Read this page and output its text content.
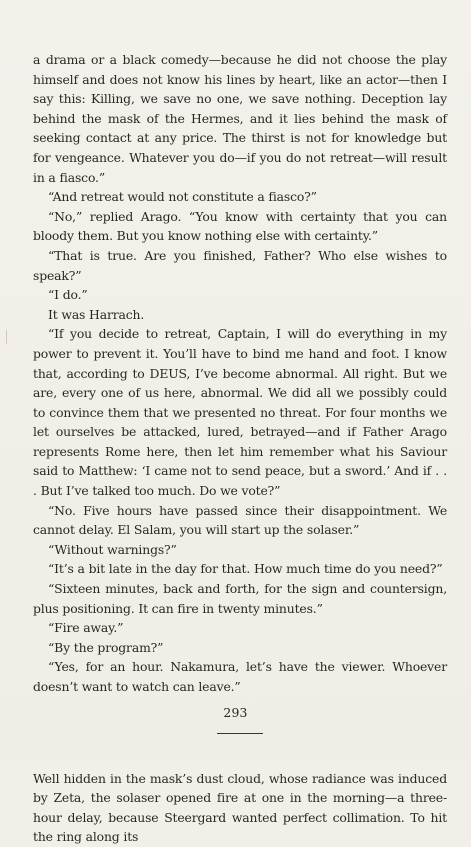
a drama or a black comedy—because he did not choose the play himself and does not know his lines by heart, like an actor—then I say this: Killing, we save no one, we save nothing. Deception lay behind the mask of the Hermes, and it lies behind the mask of seeking contact at any price. The thirst is not for knowledge but for vengeance. Whatever you do—if you do not retreat—will result in a fiasco.”

“And retreat would not constitute a fiasco?”

“No,” replied Arago. “You know with certainty that you can bloody them. But you know nothing else with certainty.”

“That is true. Are you finished, Father? Who else wishes to speak?”

“I do.”

It was Harrach.

“If you decide to retreat, Captain, I will do everything in my power to prevent it. You’ll have to bind me hand and foot. I know that, according to DEUS, I’ve become abnormal. All right. But we are, every one of us here, abnormal. We did all we possibly could to convince them that we presented no threat. For four months we let ourselves be attacked, lured, betrayed—and if Father Arago represents Rome here, then let him remember what his Saviour said to Matthew: ‘I came not to send peace, but a sword.’ And if . . . But I’ve talked too much. Do we vote?”

“No. Five hours have passed since their disappointment. We cannot delay. El Salam, you will start up the solaser.”

“Without warnings?”

“It’s a bit late in the day for that. How much time do you need?”

“Sixteen minutes, back and forth, for the sign and countersign, plus positioning. It can fire in twenty minutes.”

“Fire away.”

“By the program?”

“Yes, for an hour. Nakamura, let’s have the viewer. Whoever doesn’t want to watch can leave.”

Well hidden in the mask’s dust cloud, whose radiance was induced by Zeta, the solaser opened fire at one in the morning—a three-hour delay, because Steergard wanted perfect collimation. To hit the ring along its

293
